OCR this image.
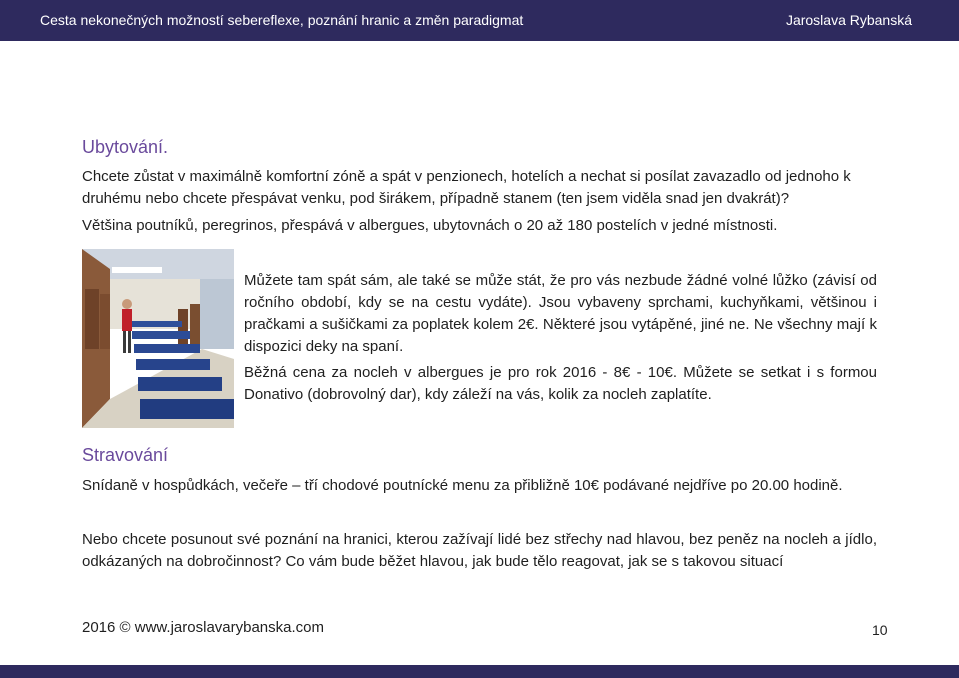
Cesta nekonečných možností sebereflexe, poznání hranic a změn paradigmat	Jaroslava Rybanská
Ubytování.

Chcete zůstat v maximálně komfortní zóně a spát v penzionech, hotelích a nechat si posílat zavazadlo od jednoho k druhému nebo chcete přespávat venku, pod širákem, případně stanem (ten jsem viděla snad jen dvakrát)?

Většina poutníků, peregrinos, přespává v albergues, ubytovnách o 20 až 180 postelích v jedné místnosti.

Můžete tam spát sám, ale také se může stát, že pro vás nezbude žádné volné lůžko (závisí od ročního období, kdy se na cestu vydáte). Jsou vybaveny sprchami, kuchyňkami, většinou i pračkami a sušičkami za poplatek kolem 2€. Některé jsou vytápěné, jiné ne. Ne všechny mají k dispozici deky na spaní.

Běžná cena za nocleh v albergues je pro rok 2016 - 8€ - 10€. Můžete se setkat i s formou Donativo (dobrovolný dar), kdy záleží na vás, kolik za nocleh zaplatíte.

Stravování

Snídaně v hospůdkách, večeře – tří chodové poutnícké menu za přibližně 10€ podávané nejdříve po 20.00 hodině.

Nebo chcete posunout své poznání na hranici, kterou zažívají lidé bez střechy nad hlavou, bez peněz na nocleh a jídlo, odkázaných na dobročinnost? Co vám bude běžet hlavou, jak bude tělo reagovat, jak se s takovou situací

2016 © www.jaroslavarybanska.com	10
